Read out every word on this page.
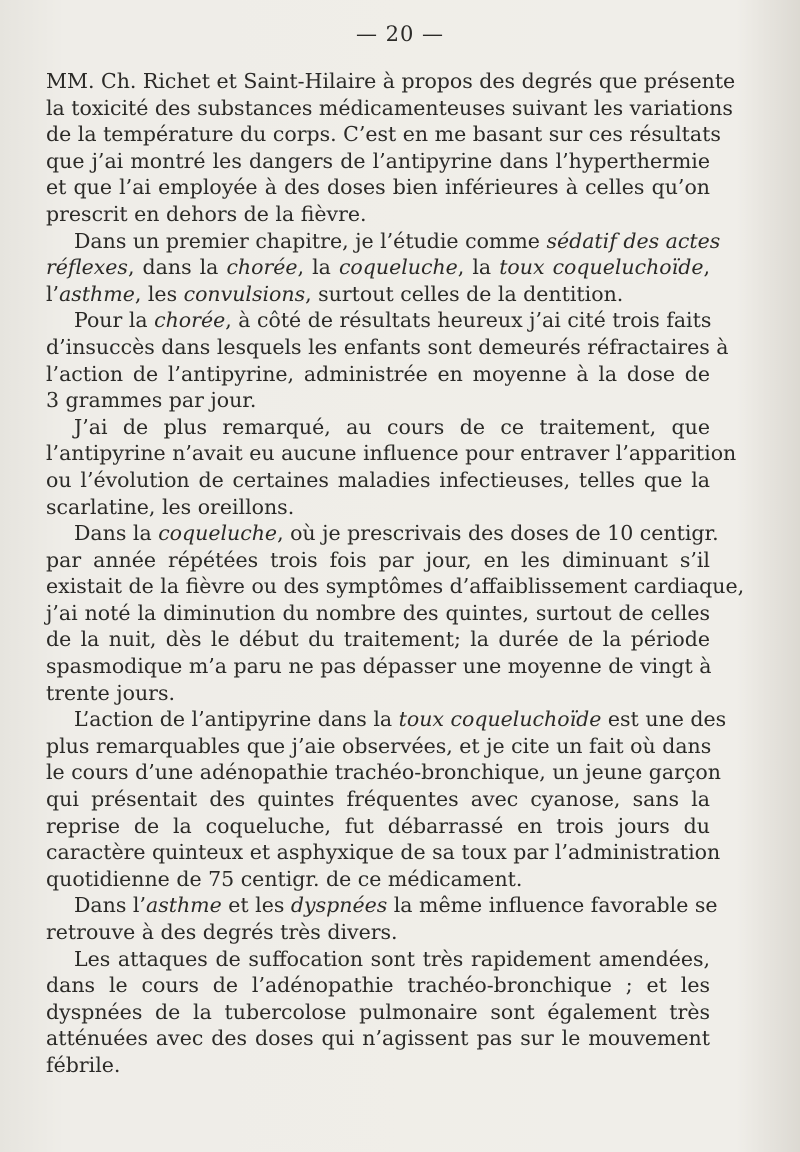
— 20 —

MM. Ch. Richet et Saint-Hilaire à propos des degrés que présente
la toxicité des substances médicamenteuses suivant les variations
de la température du corps. C’est en me basant sur ces résultats
que j’ai montré les dangers de l’antipyrine dans l’hyperthermie
et que l’ai employée à des doses bien inférieures à celles qu’on
prescrit en dehors de la fièvre.

Dans un premier chapitre, je l’étudie comme sédatif des actes
réflexes, dans la chorée, la coqueluche, la toux coqueluchoïde,
l’asthme, les convulsions, surtout celles de la dentition.

Pour la chorée, à côté de résultats heureux j’ai cité trois faits
d’insuccès dans lesquels les enfants sont demeurés réfractaires à
l’action de l’antipyrine, administrée en moyenne à la dose de
3 grammes par jour.

J’ai de plus remarqué, au cours de ce traitement, que
l’antipyrine n’avait eu aucune influence pour entraver l’apparition
ou l’évolution de certaines maladies infectieuses, telles que la
scarlatine, les oreillons.

Dans la coqueluche, où je prescrivais des doses de 10 centigr.
par année répétées trois fois par jour, en les diminuant s’il
existait de la fièvre ou des symptômes d’affaiblissement cardiaque,
j’ai noté la diminution du nombre des quintes, surtout de celles
de la nuit, dès le début du traitement; la durée de la période
spasmodique m’a paru ne pas dépasser une moyenne de vingt à
trente jours.

L’action de l’antipyrine dans la toux coqueluchoïde est une des
plus remarquables que j’aie observées, et je cite un fait où dans
le cours d’une adénopathie trachéo-bronchique, un jeune garçon
qui présentait des quintes fréquentes avec cyanose, sans la
reprise de la coqueluche, fut débarrassé en trois jours du
caractère quinteux et asphyxique de sa toux par l’administration
quotidienne de 75 centigr. de ce médicament.

Dans l’asthme et les dyspnées la même influence favorable se
retrouve à des degrés très divers.

Les attaques de suffocation sont très rapidement amendées,
dans le cours de l’adénopathie trachéo-bronchique ; et les
dyspnées de la tubercolose pulmonaire sont également très
atténuées avec des doses qui n’agissent pas sur le mouvement
fébrile.
